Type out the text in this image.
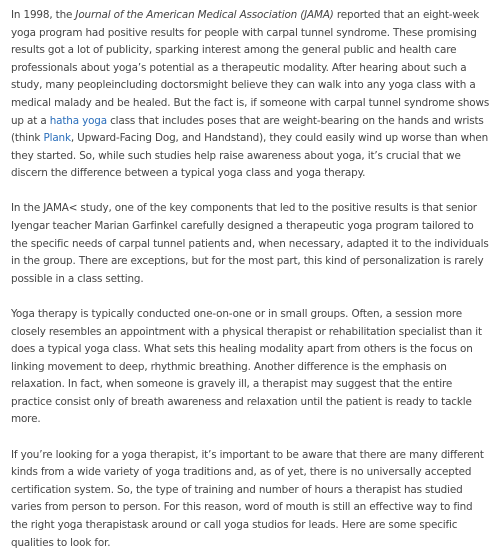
In 1998, the Journal of the American Medical Association (JAMA) reported that an eight-week yoga program had positive results for people with carpal tunnel syndrome. These promising results got a lot of publicity, sparking interest among the general public and health care professionals about yoga’s potential as a therapeutic modality. After hearing about such a study, many peopleincluding doctorsmight believe they can walk into any yoga class with a medical malady and be healed. But the fact is, if someone with carpal tunnel syndrome shows up at a hatha yoga class that includes poses that are weight-bearing on the hands and wrists (think Plank, Upward-Facing Dog, and Handstand), they could easily wind up worse than when they started. So, while such studies help raise awareness about yoga, it’s crucial that we discern the difference between a typical yoga class and yoga therapy.

In the JAMA< study, one of the key components that led to the positive results is that senior Iyengar teacher Marian Garfinkel carefully designed a therapeutic yoga program tailored to the specific needs of carpal tunnel patients and, when necessary, adapted it to the individuals in the group. There are exceptions, but for the most part, this kind of personalization is rarely possible in a class setting.

Yoga therapy is typically conducted one-on-one or in small groups. Often, a session more closely resembles an appointment with a physical therapist or rehabilitation specialist than it does a typical yoga class. What sets this healing modality apart from others is the focus on linking movement to deep, rhythmic breathing. Another difference is the emphasis on relaxation. In fact, when someone is gravely ill, a therapist may suggest that the entire practice consist only of breath awareness and relaxation until the patient is ready to tackle more.

If you’re looking for a yoga therapist, it’s important to be aware that there are many different kinds from a wide variety of yoga traditions and, as of yet, there is no universally accepted certification system. So, the type of training and number of hours a therapist has studied varies from person to person. For this reason, word of mouth is still an effective way to find the right yoga therapistask around or call yoga studios for leads. Here are some specific qualities to look for.
